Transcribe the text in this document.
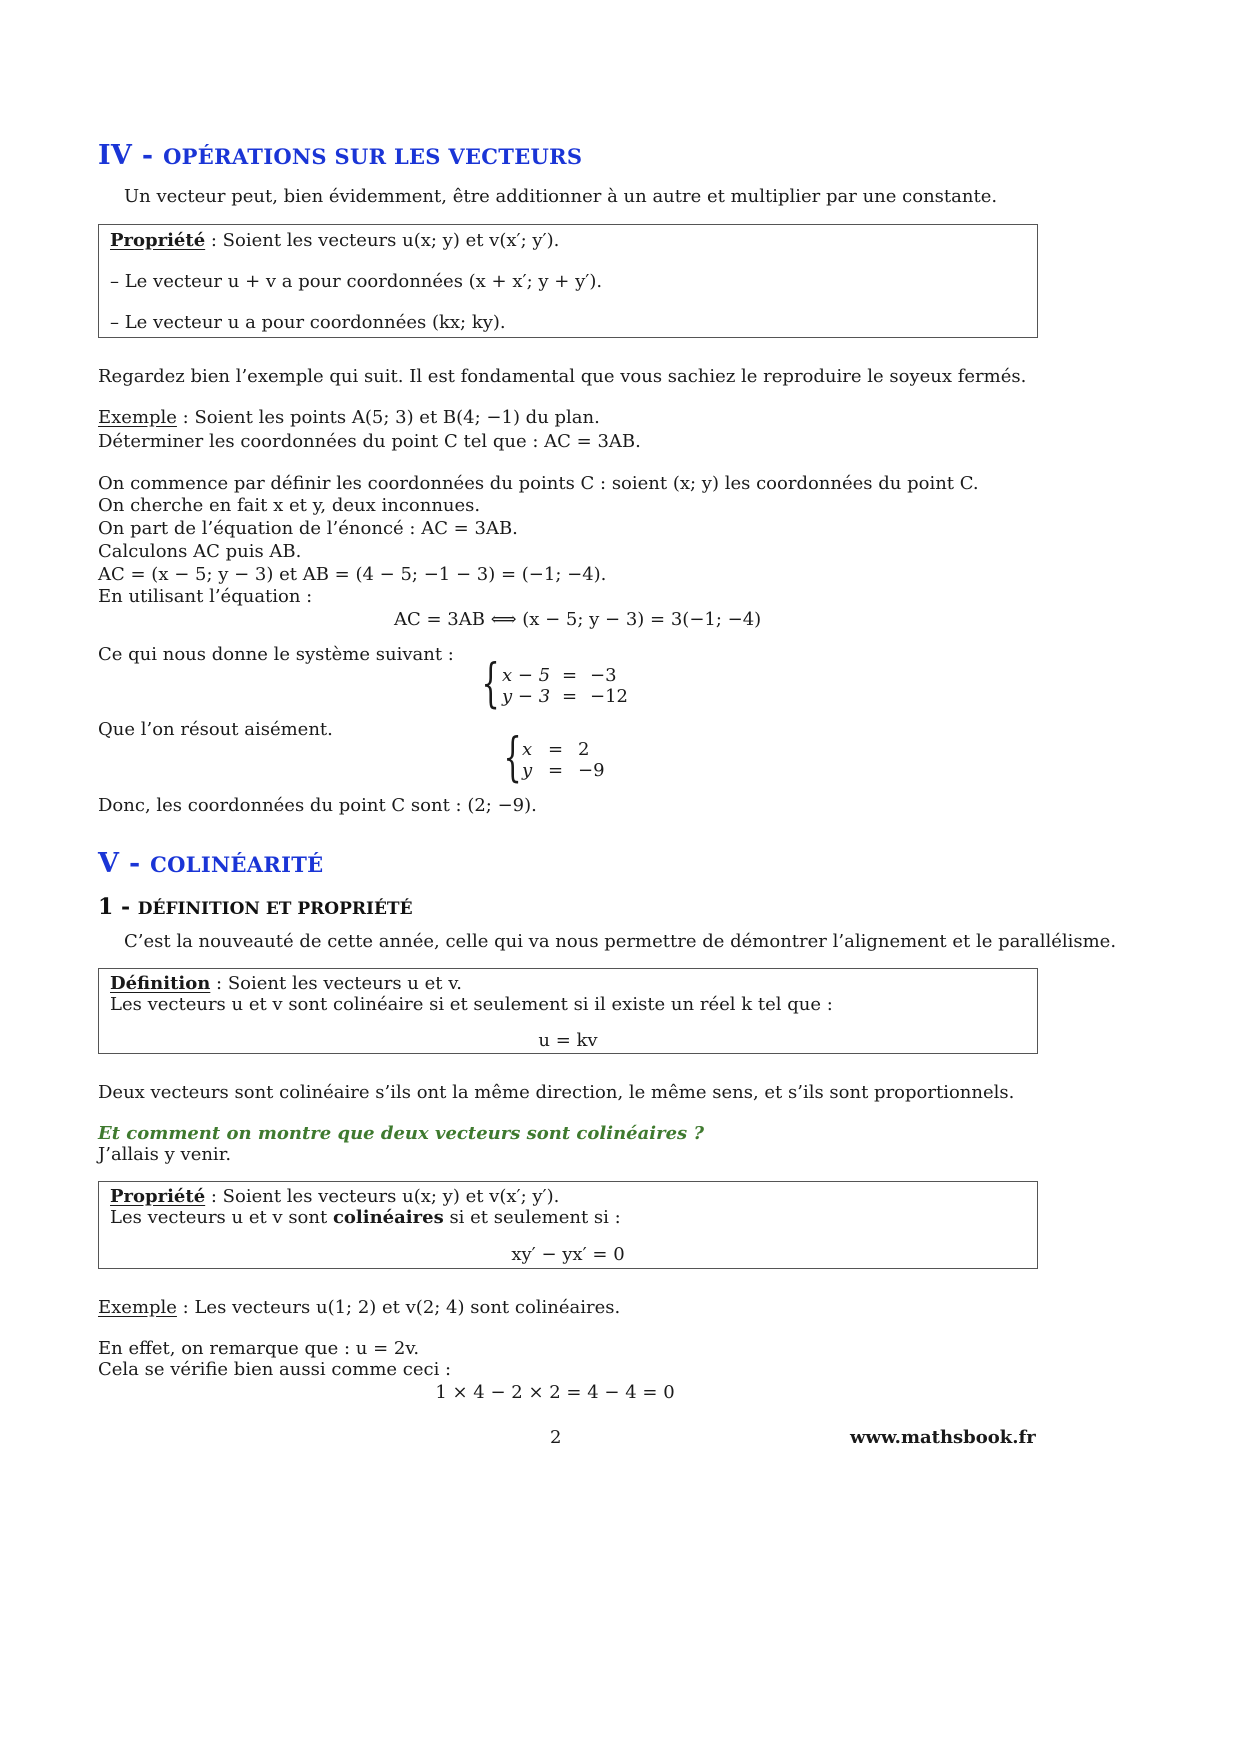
IV - OPÉRATIONS SUR LES VECTEURS
Un vecteur peut, bien évidemment, être additionner à un autre et multiplier par une constante.
Propriété : Soient les vecteurs u(x; y) et v(x′; y′).
– Le vecteur u + v a pour coordonnées (x + x′; y + y′).
– Le vecteur u a pour coordonnées (kx; ky).
Regardez bien l’exemple qui suit. Il est fondamental que vous sachiez le reproduire le soyeux fermés.
Exemple : Soient les points A(5; 3) et B(4; −1) du plan.
Déterminer les coordonnées du point C tel que : AC = 3AB.
On commence par définir les coordonnées du points C : soient (x; y) les coordonnées du point C.
On cherche en fait x et y, deux inconnues.
On part de l’équation de l’énoncé : AC = 3AB.
Calculons AC puis AB.
AC = (x − 5; y − 3) et AB = (4 − 5; −1 − 3) = (−1; −4).
En utilisant l’équation :
AC = 3AB ⟺ (x − 5; y − 3) = 3(−1; −4)
Ce qui nous donne le système suivant : { x − 5 = −3
y − 3 = −12
Que l’on résout aisément.	{ x = 2
y = −9
Donc, les coordonnées du point C sont : (2; −9).
V - COLINÉARITÉ
1 - DÉFINITION ET PROPRIÉTÉ
C’est la nouveauté de cette année, celle qui va nous permettre de démontrer l’alignement et le parallélisme.
Définition : Soient les vecteurs u et v.
Les vecteurs u et v sont colinéaire si et seulement si il existe un réel k tel que :
u = kv
Deux vecteurs sont colinéaire s’ils ont la même direction, le même sens, et s’ils sont proportionnels.
Et comment on montre que deux vecteurs sont colinéaires ?
J’allais y venir.
Propriété : Soient les vecteurs u(x; y) et v(x′; y′).
Les vecteurs u et v sont colinéaires si et seulement si :
xy′ − yx′ = 0
Exemple : Les vecteurs u(1; 2) et v(2; 4) sont colinéaires.
En effet, on remarque que : u = 2v.
Cela se vérifie bien aussi comme ceci :
1 × 4 − 2 × 2 = 4 − 4 = 0
2	www.mathsbook.fr
